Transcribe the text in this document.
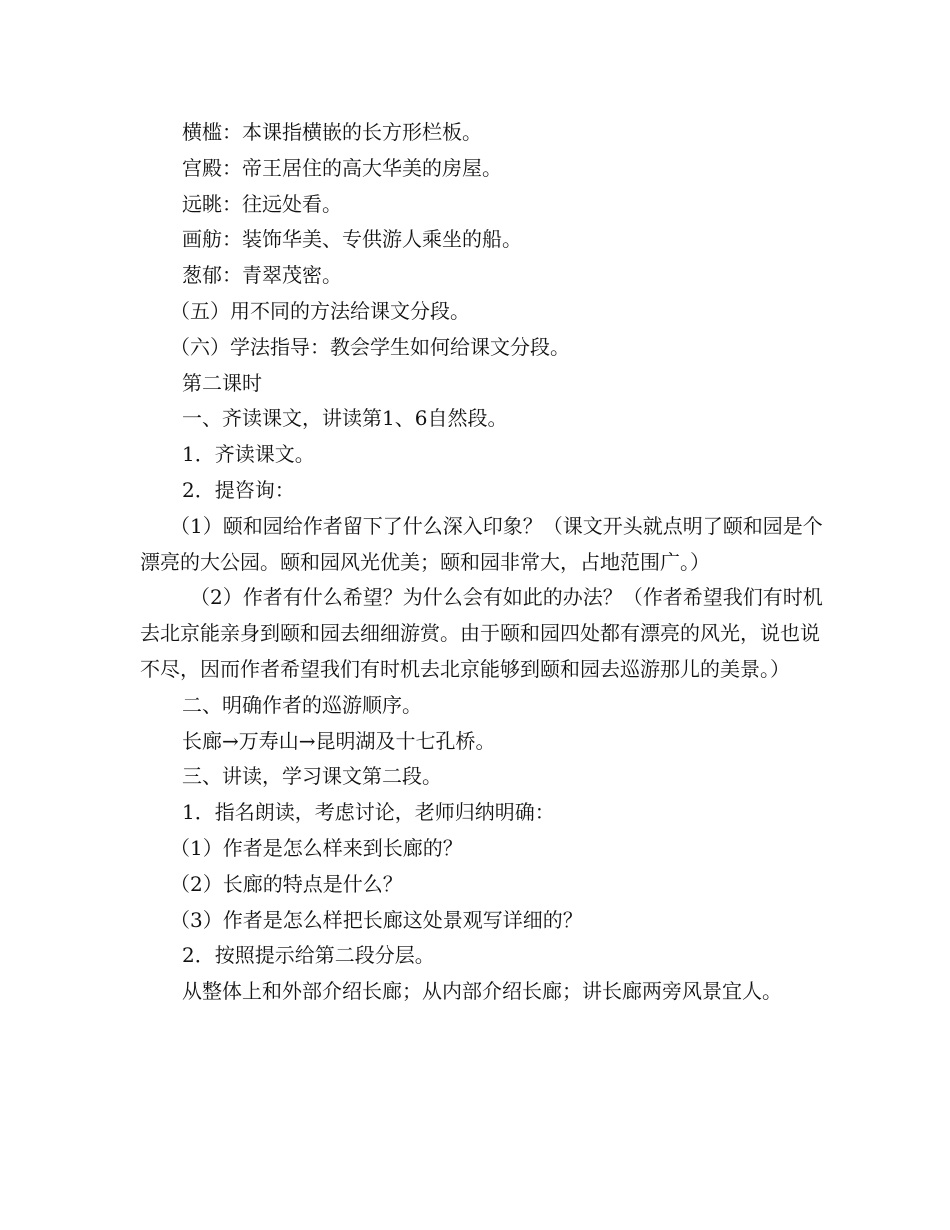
横槛：本课指横嵌的长方形栏板。

宫殿：帝王居住的高大华美的房屋。

远眺：往远处看。

画舫：装饰华美、专供游人乘坐的船。

葱郁：青翠茂密。

（五）用不同的方法给课文分段。

（六）学法指导：教会学生如何给课文分段。

第二课时

一、齐读课文，讲读第1、6自然段。

1．齐读课文。

2．提咨询：

（1）颐和园给作者留下了什么深入印象？（课文开头就点明了颐和园是个漂亮的大公园。颐和园风光优美；颐和园非常大，占地范围广。）

（2）作者有什么希望？为什么会有如此的办法？（作者希望我们有时机去北京能亲身到颐和园去细细游赏。由于颐和园四处都有漂亮的风光，说也说不尽，因而作者希望我们有时机去北京能够到颐和园去巡游那儿的美景。）

二、明确作者的巡游顺序。

长廊→万寿山→昆明湖及十七孔桥。

三、讲读，学习课文第二段。

1．指名朗读，考虑讨论，老师归纳明确：

（1）作者是怎么样来到长廊的？

（2）长廊的特点是什么？

（3）作者是怎么样把长廊这处景观写详细的？

2．按照提示给第二段分层。

从整体上和外部介绍长廊；从内部介绍长廊；讲长廊两旁风景宜人。
